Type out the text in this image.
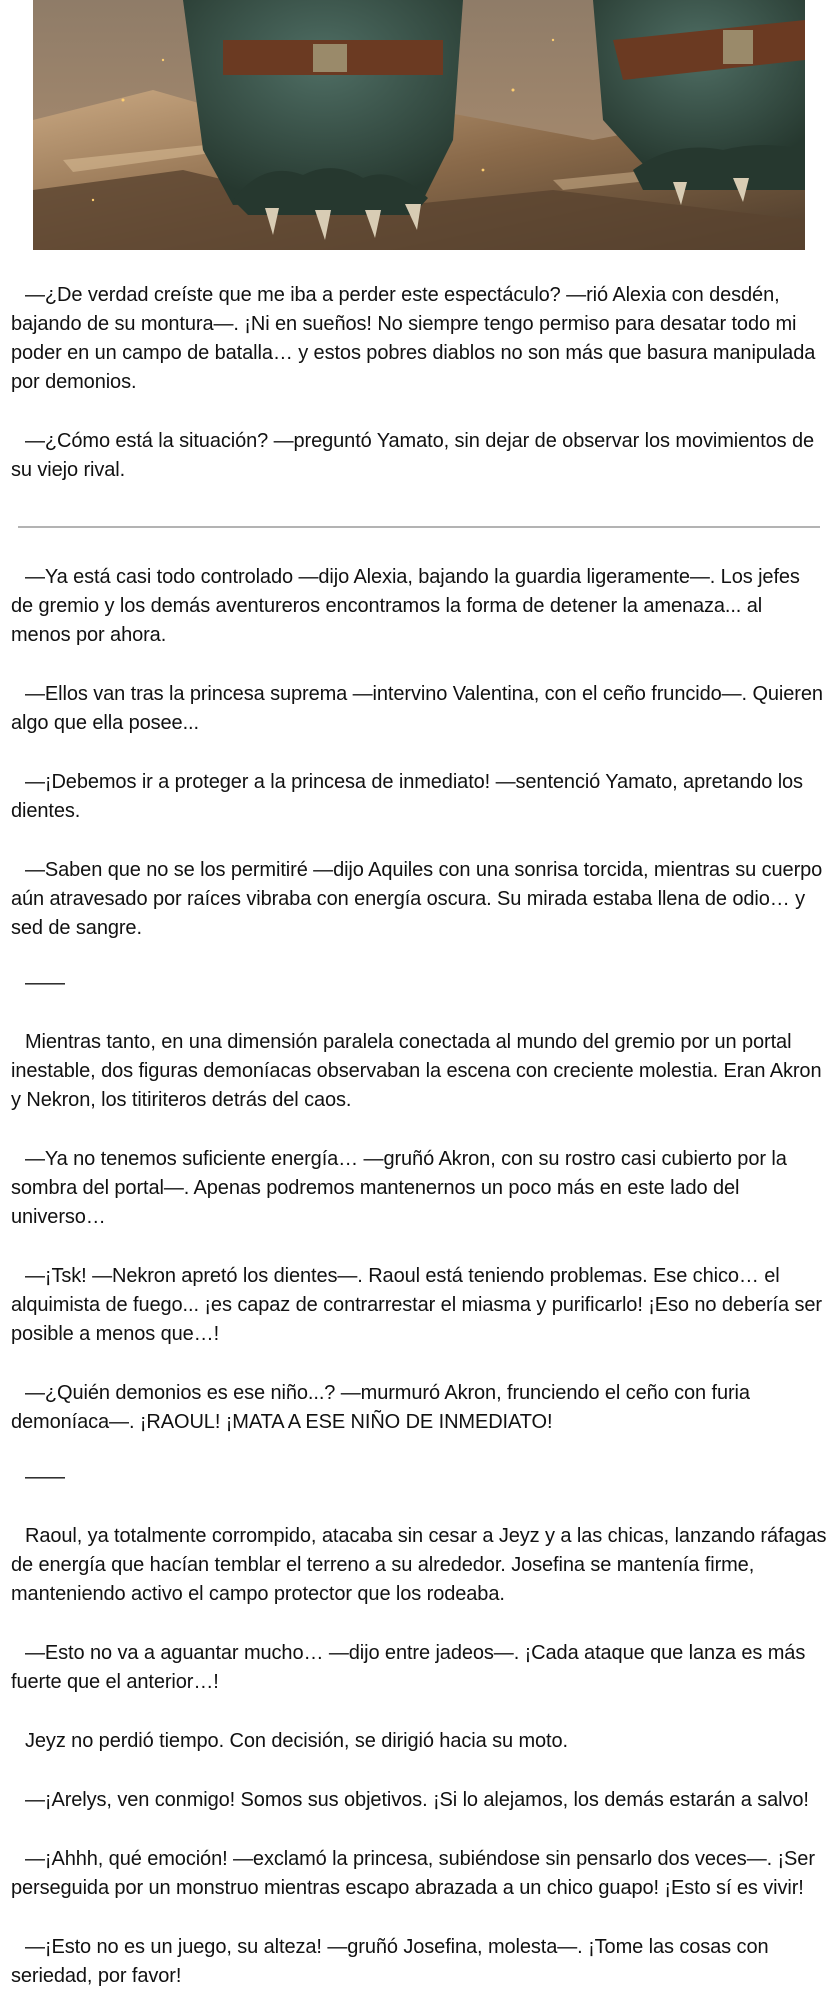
—¿De verdad creíste que me iba a perder este espectáculo? —rió Alexia con desdén, bajando de su montura—. ¡Ni en sueños! No siempre tengo permiso para desatar todo mi poder en un campo de batalla… y estos pobres diablos no son más que basura manipulada por demonios.

—¿Cómo está la situación? —preguntó Yamato, sin dejar de observar los movimientos de su viejo rival.

—Ya está casi todo controlado —dijo Alexia, bajando la guardia ligeramente—. Los jefes de gremio y los demás aventureros encontramos la forma de detener la amenaza... al menos por ahora.

—Ellos van tras la princesa suprema —intervino Valentina, con el ceño fruncido—. Quieren algo que ella posee...

—¡Debemos ir a proteger a la princesa de inmediato! —sentenció Yamato, apretando los dientes.

—Saben que no se los permitiré —dijo Aquiles con una sonrisa torcida, mientras su cuerpo aún atravesado por raíces vibraba con energía oscura. Su mirada estaba llena de odio… y sed de sangre.

——

Mientras tanto, en una dimensión paralela conectada al mundo del gremio por un portal inestable, dos figuras demoníacas observaban la escena con creciente molestia. Eran Akron y Nekron, los titiriteros detrás del caos.

—Ya no tenemos suficiente energía… —gruñó Akron, con su rostro casi cubierto por la sombra del portal—. Apenas podremos mantenernos un poco más en este lado del universo…

—¡Tsk! —Nekron apretó los dientes—. Raoul está teniendo problemas. Ese chico… el alquimista de fuego... ¡es capaz de contrarrestar el miasma y purificarlo! ¡Eso no debería ser posible a menos que…!

—¿Quién demonios es ese niño...? —murmuró Akron, frunciendo el ceño con furia demoníaca—. ¡RAOUL! ¡MATA A ESE NIÑO DE INMEDIATO!

——

Raoul, ya totalmente corrompido, atacaba sin cesar a Jeyz y a las chicas, lanzando ráfagas de energía que hacían temblar el terreno a su alrededor. Josefina se mantenía firme, manteniendo activo el campo protector que los rodeaba.

—Esto no va a aguantar mucho… —dijo entre jadeos—. ¡Cada ataque que lanza es más fuerte que el anterior…!

Jeyz no perdió tiempo. Con decisión, se dirigió hacia su moto.

—¡Arelys, ven conmigo! Somos sus objetivos. ¡Si lo alejamos, los demás estarán a salvo!

—¡Ahhh, qué emoción! —exclamó la princesa, subiéndose sin pensarlo dos veces—. ¡Ser perseguida por un monstruo mientras escapo abrazada a un chico guapo! ¡Esto sí es vivir!

—¡Esto no es un juego, su alteza! —gruñó Josefina, molesta—. ¡Tome las cosas con seriedad, por favor!
